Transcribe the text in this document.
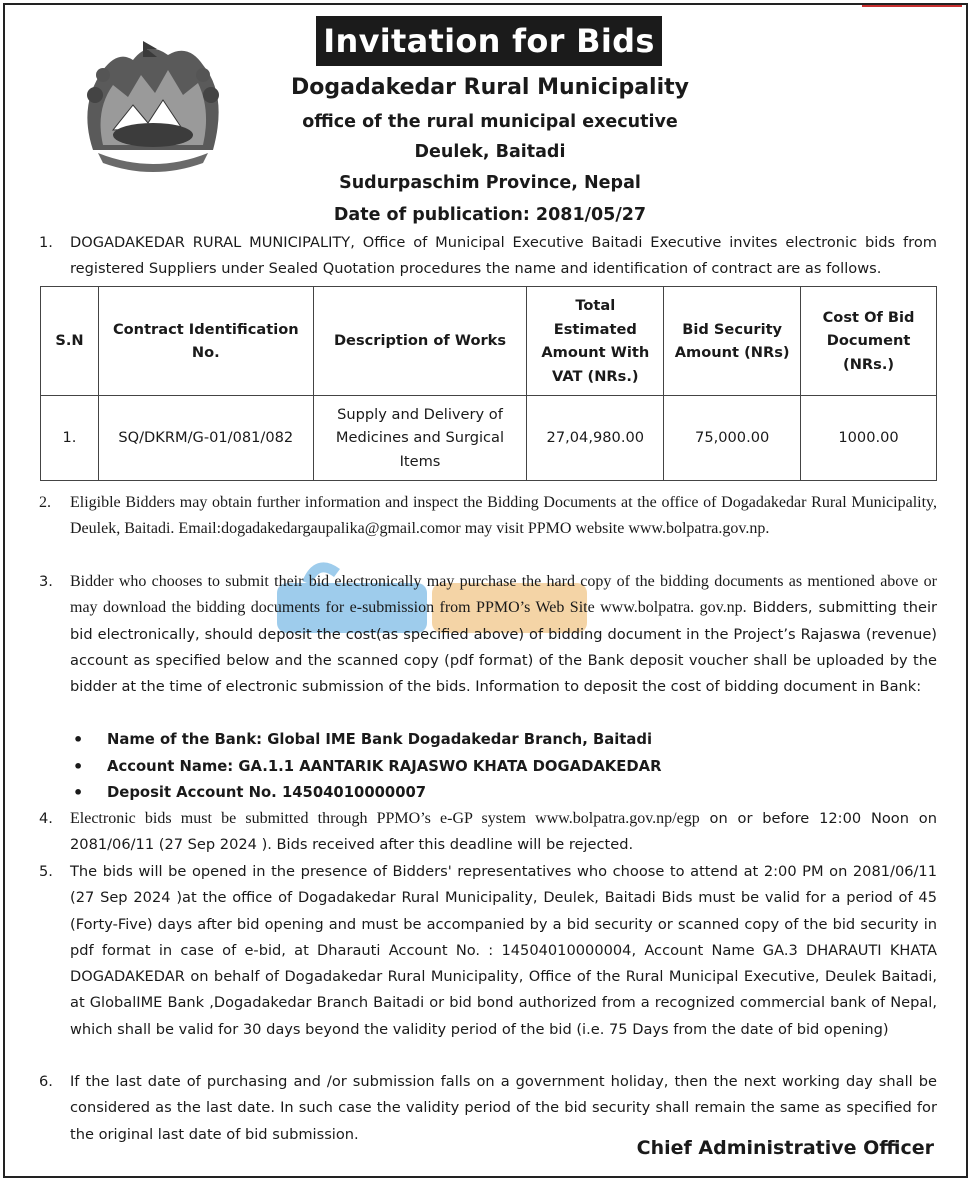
Invitation for Bids
Dogadakedar Rural Municipality
office of the rural municipal executive
Deulek, Baitadi
Sudurpaschim Province, Nepal
Date of publication: 2081/05/27
1.	DOGADAKEDAR RURAL MUNICIPALITY, Office of Municipal Executive Baitadi Executive invites electronic bids from registered Suppliers under Sealed Quotation procedures the name and identification of contract are as follows.
S.N	Contract Identification No.	Description of Works	Total Estimated Amount With VAT (NRs.)	Bid Security Amount (NRs)	Cost Of Bid Document (NRs.)
1.	SQ/DKRM/G-01/081/082	Supply and Delivery of Medicines and Surgical Items	27,04,980.00	75,000.00	1000.00
2.	Eligible Bidders may obtain further information and inspect the Bidding Documents at the office of Dogadakedar Rural Municipality, Deulek, Baitadi. Email:dogadakedargaupalika@gmail.comor may visit PPMO website www.bolpatra.gov.np.
3.	Bidder who chooses to submit their bid electronically may purchase the hard copy of the bidding documents as mentioned above or may download the bidding documents for e-submission from PPMO’s Web Site www.bolpatra. gov.np. Bidders, submitting their bid electronically, should deposit the cost(as specified above) of bidding document in the Project’s Rajaswa (revenue) account as specified below and the scanned copy (pdf format) of the Bank deposit voucher shall be uploaded by the bidder at the time of electronic submission of the bids. Information to deposit the cost of bidding document in Bank:
•	Name of the Bank: Global IME Bank Dogadakedar Branch, Baitadi
•	Account Name: GA.1.1 AANTARIK RAJASWO KHATA DOGADAKEDAR
•	Deposit Account No. 14504010000007
4.	Electronic bids must be submitted through PPMO’s e-GP system www.bolpatra.gov.np/egp on or before 12:00 Noon on 2081/06/11 (27 Sep 2024 ). Bids received after this deadline will be rejected.
5.	The bids will be opened in the presence of Bidders' representatives who choose to attend at 2:00 PM on 2081/06/11 (27 Sep 2024 )at the office of Dogadakedar Rural Municipality, Deulek, Baitadi Bids must be valid for a period of 45 (Forty-Five) days after bid opening and must be accompanied by a bid security or scanned copy of the bid security in pdf format in case of e-bid, at Dharauti Account No. : 14504010000004, Account Name GA.3 DHARAUTI KHATA DOGADAKEDAR on behalf of Dogadakedar Rural Municipality, Office of the Rural Municipal Executive, Deulek Baitadi, at GlobalIME Bank ,Dogadakedar Branch Baitadi or bid bond authorized from a recognized commercial bank of Nepal, which shall be valid for 30 days beyond the validity period of the bid (i.e. 75 Days from the date of bid opening)
6.	If the last date of purchasing and /or submission falls on a government holiday, then the next working day shall be considered as the last date. In such case the validity period of the bid security shall remain the same as specified for the original last date of bid submission.
Chief Administrative Officer
